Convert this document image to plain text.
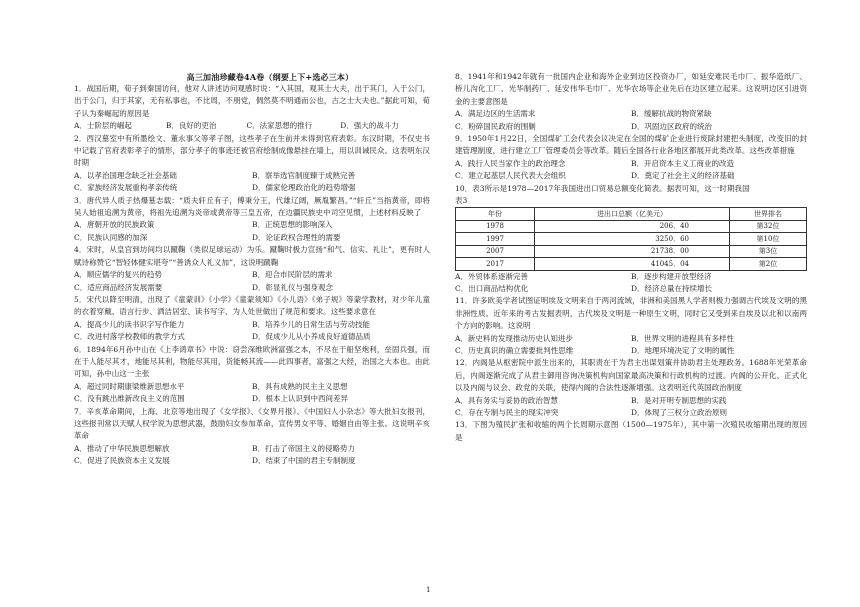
高三加油珍藏卷4A卷（纲要上下+选必三本）

1．战国后期，荀子到秦国访问，他对人讲述访问观感时说：“入其国，观其士大夫，出于其门，入于公门，出于公门，归于其家，无有私事也，不比周，不朋党，倜然莫不明通而公也，古之士大夫也。”据此可知，荀子认为秦崛起的原因是

A．士阶层的崛起	B．良好的吏治	C．法家思想的推行	D．强大的战斗力

2．西汉墓室中有所墨绘文、董永事父等孝子图，这些孝子在生前并未得到官府表彰。东汉时期，不仅史书中记载了官府表彰孝子的情形，部分孝子的事迹还被官府绘制成像悬挂在墙上，用以训诫民众。这表明东汉时期

A．以孝治国理念缺乏社会基础	B．察举选官制度臻于成熟完善
C．家族经济发展重构孝亲传统	D．儒家伦理政治化的趋势增强

3．唐代异人质子热爆墓志载：“质夫轩丘有子，傅秉分王，代雄辽阔，厥胤繁昌。”“轩丘”当指黄帝，即将吴人始祖追溯为黄帝，将祖先追溯为炎帝或黄帝等三皇五帝，在边疆民族史中司空见惯，上述材料反映了

A．唐朝开放的民族政策	B．正统思想的影响深入
C．民族认同感的加深	D．论证政权合理性的需要

4．宋时，从皇宫到坊间均以蹴鞠（类似足球运动）为乐。蹴鞠时极力宣扬“和气、信实、礼让”，更有时人赋诗称赞它“智轻体健实堪夸”“善诱众人礼义加”，这说明蹴鞠

A．顺应儒学的复兴的趋势	B．迎合市民阶层的需求
C．适应商品经济发展需要	D．彰显礼仪与强身观念

5．宋代以降至明清，出现了《童蒙训》《小学》《童蒙须知》《小儿语》《弟子规》等蒙学教材，对少年儿童的衣着穿戴、语言行步、洒洁居室、读书写字、为人处世做出了规范和要求。这些要求意在

A．提高少儿的读书识字写作能力	B．培养少儿的日常生活与劳动技能
C．改进村落学校教师的教学方式	D．促成少儿从小养成良好道德品质

6．1894年6月孙中山在《上李鸿章书》中说：窃尝深维欧洲富强之本，不尽在于船坚炮利，垒固兵强，而在于人能尽其才，地能尽其利，物能尽其用，货能畅其流——此四事者，富强之大经，治国之大本也。由此可知，孙中山这一主张

A．超过同时期康梁维新思想水平	B．具有成熟的民主主义思想
C．没有跳出维新改良主义的范围	D．根本上认识到中西间差异

7．辛亥革命期间，上海、北京等地出现了《女学报》、《女界月报》、《中国妇人小杂志》等大批妇女报刊，这些报刊常以天赋人权学说为思想武器，鼓励妇女参加革命，宣传男女平等、婚姻自由等主张。这说明辛亥革命

A．推动了中华民族思想解放	B．打击了帝国主义的侵略势力
C．促进了民族资本主义发展	D．结束了中国的君主专制制度

8．1941年和1942年就有一批国内企业和海外企业到边区投资办厂，如延安难民毛巾厂、振华造纸厂、桥儿沟化工厂、光华制药厂、延安伟华毛巾厂、光华农场等企业先后在边区建立起来。这说明边区引进资金的主要意图是

A．满足边区的生活需求	B．缓解抗战的物资紧缺
C．粉碎国民政府的围剿	D．巩固边区政府的统治

9．1950年1月22日，全国煤矿工会代表会议决定在全国的煤矿企业进行废除封建把头制度，改变旧的封建管理制度，进行建立工厂管理委员会等改革。随后全国各行业各地区都展开此类改革。这些改革措施

A．践行人民当家作主的政治理念	B．开启资本主义工商业的改造
C．建立起基层人民代表大会组织	D．奠定了社会主义的经济基础

10．表3所示是1978—2017年我国进出口贸易总额变化简表。据表可知，这一时期我国

表3
年份	进出口总额（亿美元）	世界排名
1978	206．40	第32位
1997	3250．60	第10位
2007	21738．00	第3位
2017	41045．04	第2位
A．外贸体系逐渐完善	B．逐步构建开放型经济
C．出口商品结构优化	D．经济总量在持续增长

11．许多欧美学者试图证明埃及文明来自于两河流域，非洲和美国黑人学者则极力强调古代埃及文明的黑非洲性质。近年来的考古发掘表明，古代埃及文明是一种原生文明，同时它又受到来自埃及以北和以南两个方向的影响。这说明

A．新史料的发现推动历史认知进步	B．世界文明的进程具有多样性
C．历史真识的确立需要批判性思维	D．地理环境决定了文明的属性

12．内阁是从枢密院中派生出来的，其职责在于为君主出谋划策并协助君主处理政务。1688年光荣革命后，内阁逐渐完成了从君主御用咨询决策机构向国家最高决策和行政机构的过渡。内阁的公开化、正式化以及内阁与议会、政党的关联，使得内阁的合法性逐渐增强。这表明近代英国政治制度

A．具有务实与妥协的政治智慧	B．是对开明专制思想的实践
C．存在专制与民主的现实冲突	D．体现了三权分立政治原则

13．下图为殖民扩张和收缩的两个长周期示意图（1500—1975年），其中第一次殖民收缩期出现的原因是

1
